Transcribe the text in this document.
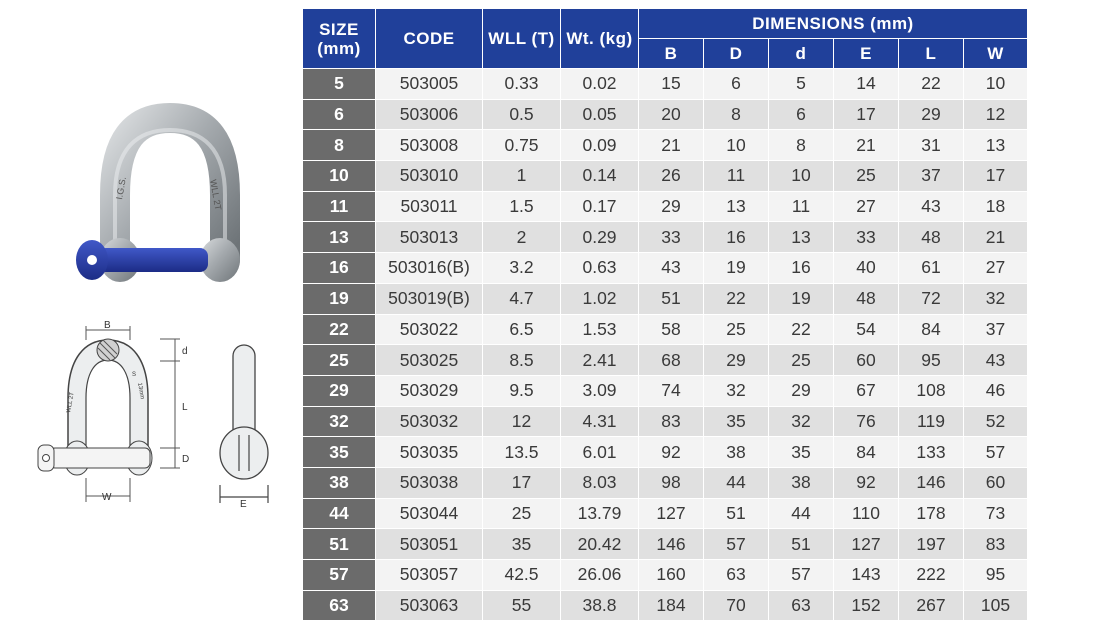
I.G.S.	WLL 2T
B
d
L
D
W
WLL 2T
13mm
S
E
SIZE (mm)	CODE	WLL (T)	Wt. (kg)	DIMENSIONS (mm)					
				B	D	d	E	L	W
5	503005	0.33	0.02	15	6	5	14	22	10
6	503006	0.5	0.05	20	8	6	17	29	12
8	503008	0.75	0.09	21	10	8	21	31	13
10	503010	1	0.14	26	11	10	25	37	17
11	503011	1.5	0.17	29	13	11	27	43	18
13	503013	2	0.29	33	16	13	33	48	21
16	503016(B)	3.2	0.63	43	19	16	40	61	27
19	503019(B)	4.7	1.02	51	22	19	48	72	32
22	503022	6.5	1.53	58	25	22	54	84	37
25	503025	8.5	2.41	68	29	25	60	95	43
29	503029	9.5	3.09	74	32	29	67	108	46
32	503032	12	4.31	83	35	32	76	119	52
35	503035	13.5	6.01	92	38	35	84	133	57
38	503038	17	8.03	98	44	38	92	146	60
44	503044	25	13.79	127	51	44	110	178	73
51	503051	35	20.42	146	57	51	127	197	83
57	503057	42.5	26.06	160	63	57	143	222	95
63	503063	55	38.8	184	70	63	152	267	105
